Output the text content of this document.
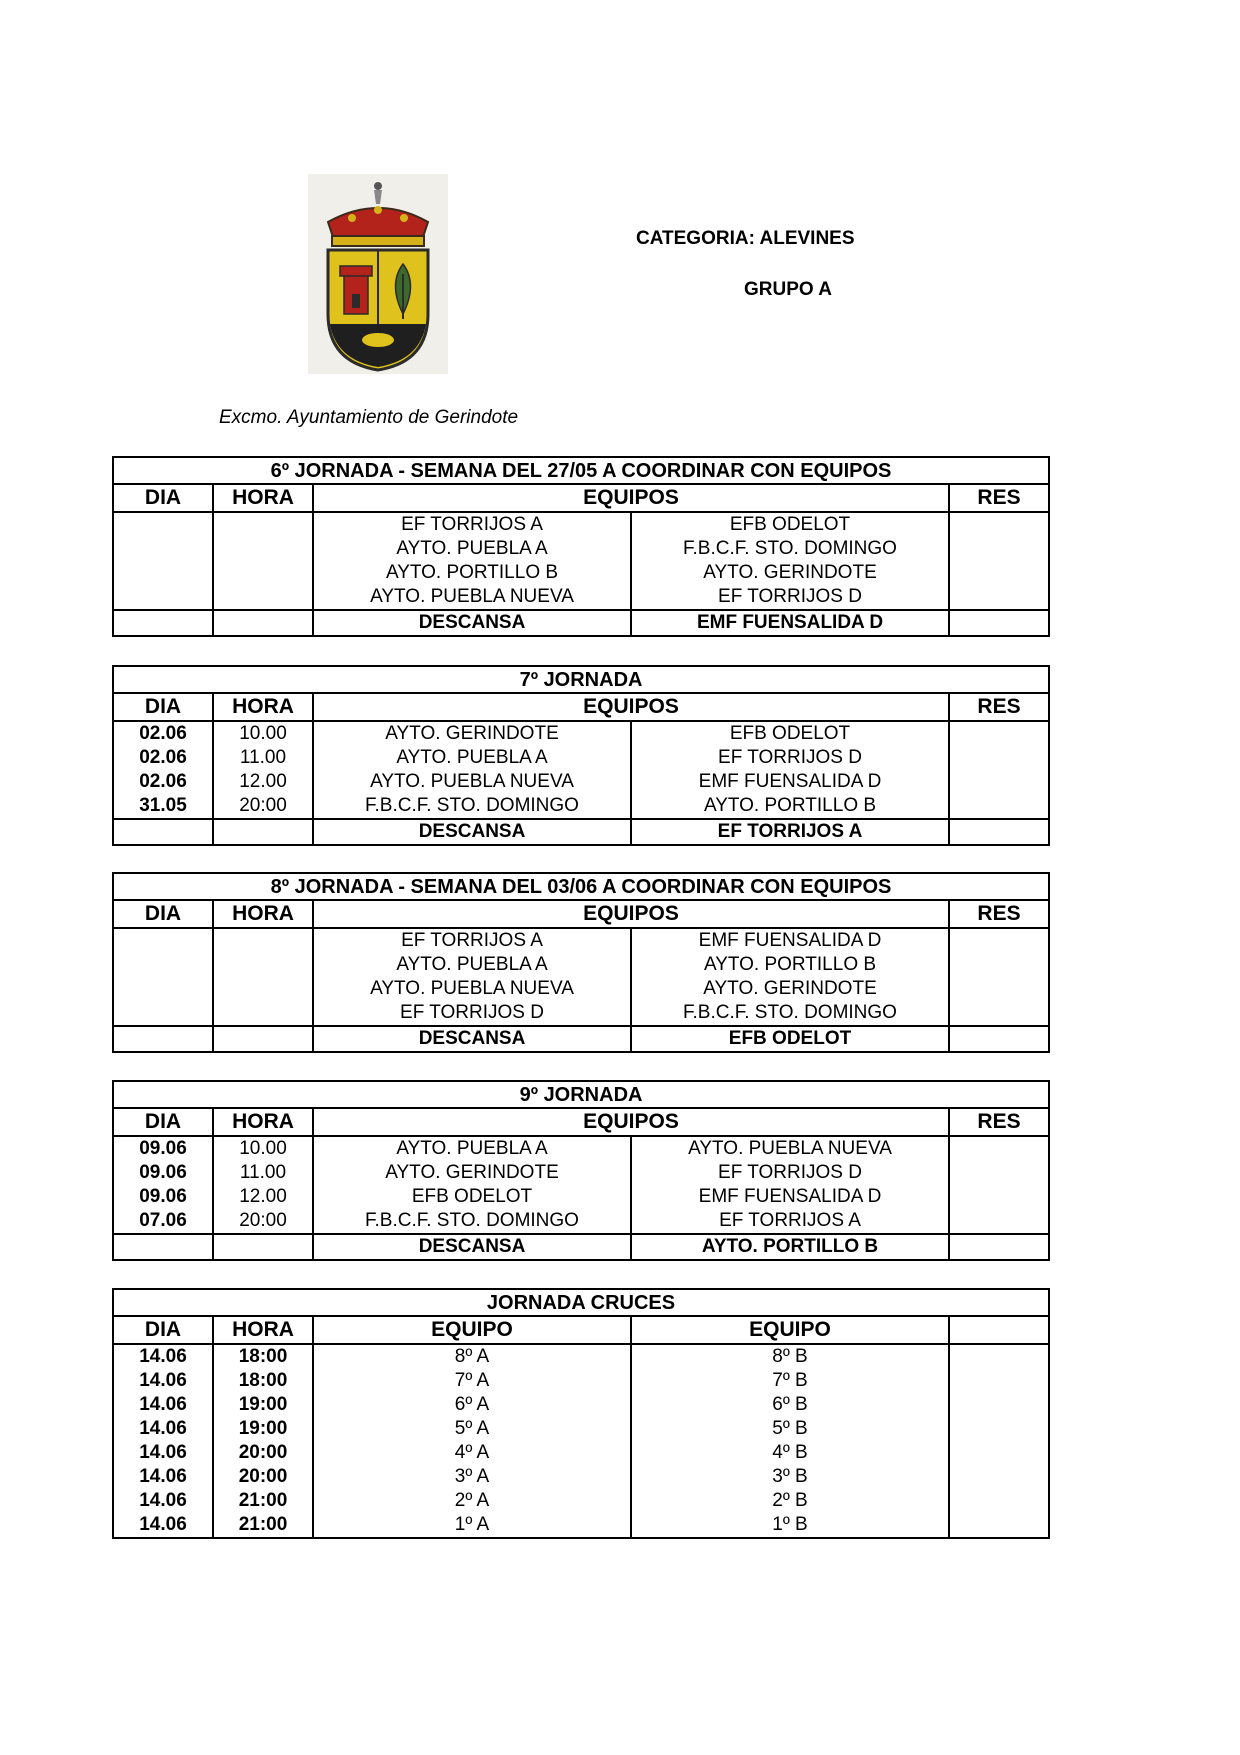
CATEGORIA: ALEVINES
GRUPO A
Excmo. Ayuntamiento de Gerindote
6º JORNADA - SEMANA DEL 27/05 A COORDINAR CON EQUIPOS				
DIA	HORA	EQUIPOS		RES
		EF TORRIJOS A	EFB ODELOT	
		AYTO. PUEBLA A	F.B.C.F. STO. DOMINGO	
		AYTO. PORTILLO B	AYTO. GERINDOTE	
		AYTO. PUEBLA NUEVA	EF TORRIJOS D	
		DESCANSA	EMF FUENSALIDA D	
7º JORNADA				
DIA	HORA	EQUIPOS		RES
02.06	10.00	AYTO. GERINDOTE	EFB ODELOT	
02.06	11.00	AYTO. PUEBLA A	EF TORRIJOS D	
02.06	12.00	AYTO. PUEBLA NUEVA	EMF FUENSALIDA D	
31.05	20:00	F.B.C.F. STO. DOMINGO	AYTO. PORTILLO B	
		DESCANSA	EF TORRIJOS A	
8º JORNADA - SEMANA DEL 03/06 A COORDINAR CON EQUIPOS				
DIA	HORA	EQUIPOS		RES
		EF TORRIJOS A	EMF FUENSALIDA D	
		AYTO. PUEBLA A	AYTO. PORTILLO B	
		AYTO. PUEBLA NUEVA	AYTO. GERINDOTE	
		EF TORRIJOS D	F.B.C.F. STO. DOMINGO	
		DESCANSA	EFB ODELOT	
9º JORNADA				
DIA	HORA	EQUIPOS		RES
09.06	10.00	AYTO. PUEBLA A	AYTO. PUEBLA NUEVA	
09.06	11.00	AYTO. GERINDOTE	EF TORRIJOS D	
09.06	12.00	EFB ODELOT	EMF FUENSALIDA D	
07.06	20:00	F.B.C.F. STO. DOMINGO	EF TORRIJOS A	
		DESCANSA	AYTO. PORTILLO B	
JORNADA CRUCES				
DIA	HORA	EQUIPO	EQUIPO	
14.06	18:00	8º A	8º B	
14.06	18:00	7º A	7º B	
14.06	19:00	6º A	6º B	
14.06	19:00	5º A	5º B	
14.06	20:00	4º A	4º B	
14.06	20:00	3º A	3º B	
14.06	21:00	2º A	2º B	
14.06	21:00	1º A	1º B	
